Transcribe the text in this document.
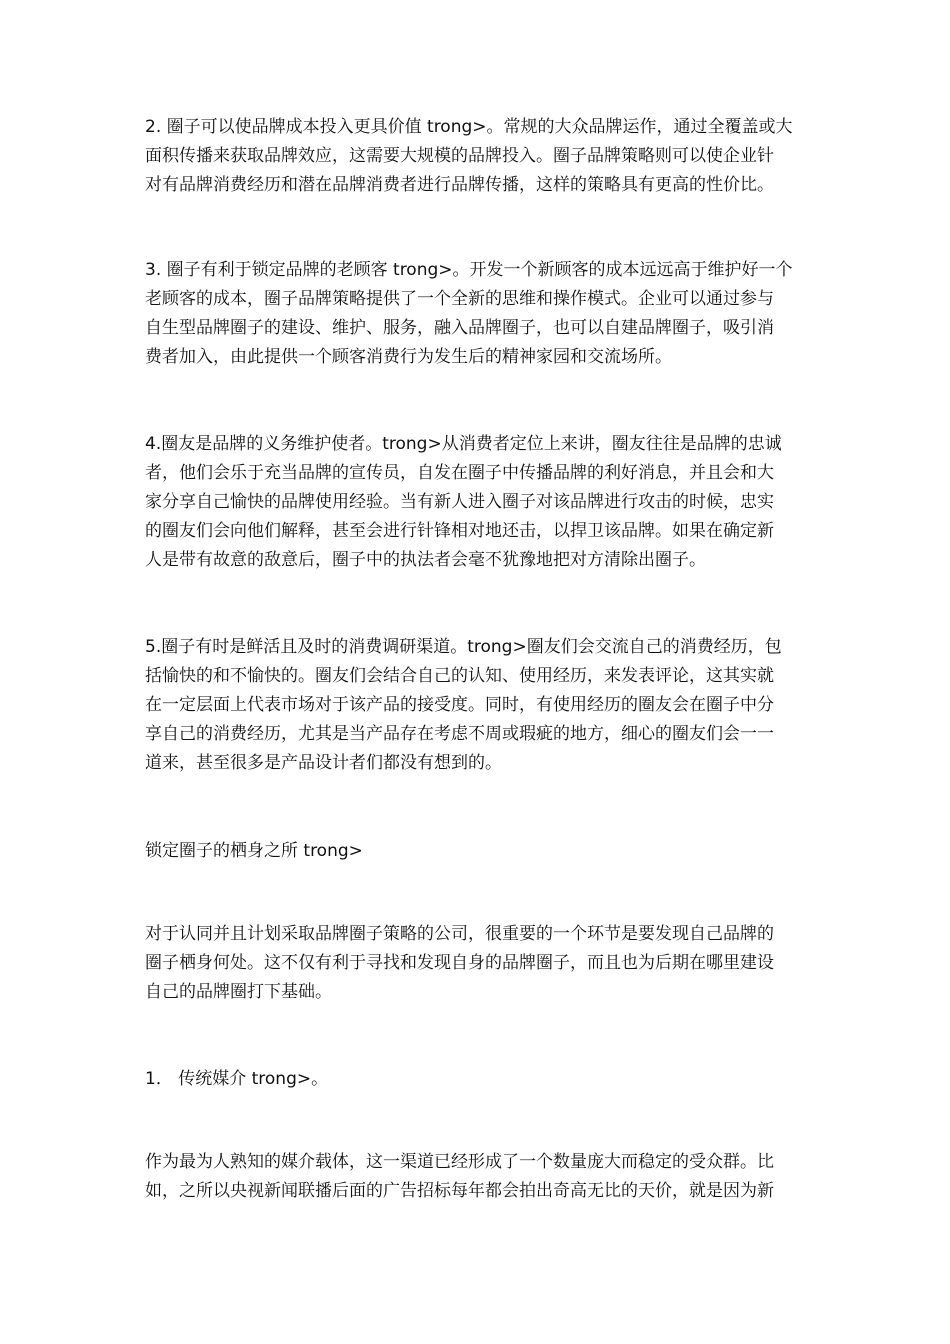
2. 圈子可以使品牌成本投入更具价值 trong>。常规的大众品牌运作，通过全覆盖或大
面积传播来获取品牌效应，这需要大规模的品牌投入。圈子品牌策略则可以使企业针
对有品牌消费经历和潜在品牌消费者进行品牌传播，这样的策略具有更高的性价比。

3. 圈子有利于锁定品牌的老顾客 trong>。开发一个新顾客的成本远远高于维护好一个
老顾客的成本，圈子品牌策略提供了一个全新的思维和操作模式。企业可以通过参与
自生型品牌圈子的建设、维护、服务，融入品牌圈子，也可以自建品牌圈子，吸引消
费者加入，由此提供一个顾客消费行为发生后的精神家园和交流场所。

4.圈友是品牌的义务维护使者。trong>从消费者定位上来讲，圈友往往是品牌的忠诚
者，他们会乐于充当品牌的宣传员，自发在圈子中传播品牌的利好消息，并且会和大
家分享自己愉快的品牌使用经验。当有新人进入圈子对该品牌进行攻击的时候，忠实
的圈友们会向他们解释，甚至会进行针锋相对地还击，以捍卫该品牌。如果在确定新
人是带有故意的敌意后，圈子中的执法者会毫不犹豫地把对方清除出圈子。

5.圈子有时是鲜活且及时的消费调研渠道。trong>圈友们会交流自己的消费经历，包
括愉快的和不愉快的。圈友们会结合自己的认知、使用经历，来发表评论，这其实就
在一定层面上代表市场对于该产品的接受度。同时，有使用经历的圈友会在圈子中分
享自己的消费经历，尤其是当产品存在考虑不周或瑕疵的地方，细心的圈友们会一一
道来，甚至很多是产品设计者们都没有想到的。

锁定圈子的栖身之所 trong>

对于认同并且计划采取品牌圈子策略的公司，很重要的一个环节是要发现自己品牌的
圈子栖身何处。这不仅有利于寻找和发现自身的品牌圈子，而且也为后期在哪里建设
自己的品牌圈打下基础。

1． 传统媒介 trong>。

作为最为人熟知的媒介载体，这一渠道已经形成了一个数量庞大而稳定的受众群。比
如，之所以央视新闻联播后面的广告招标每年都会拍出奇高无比的天价，就是因为新
